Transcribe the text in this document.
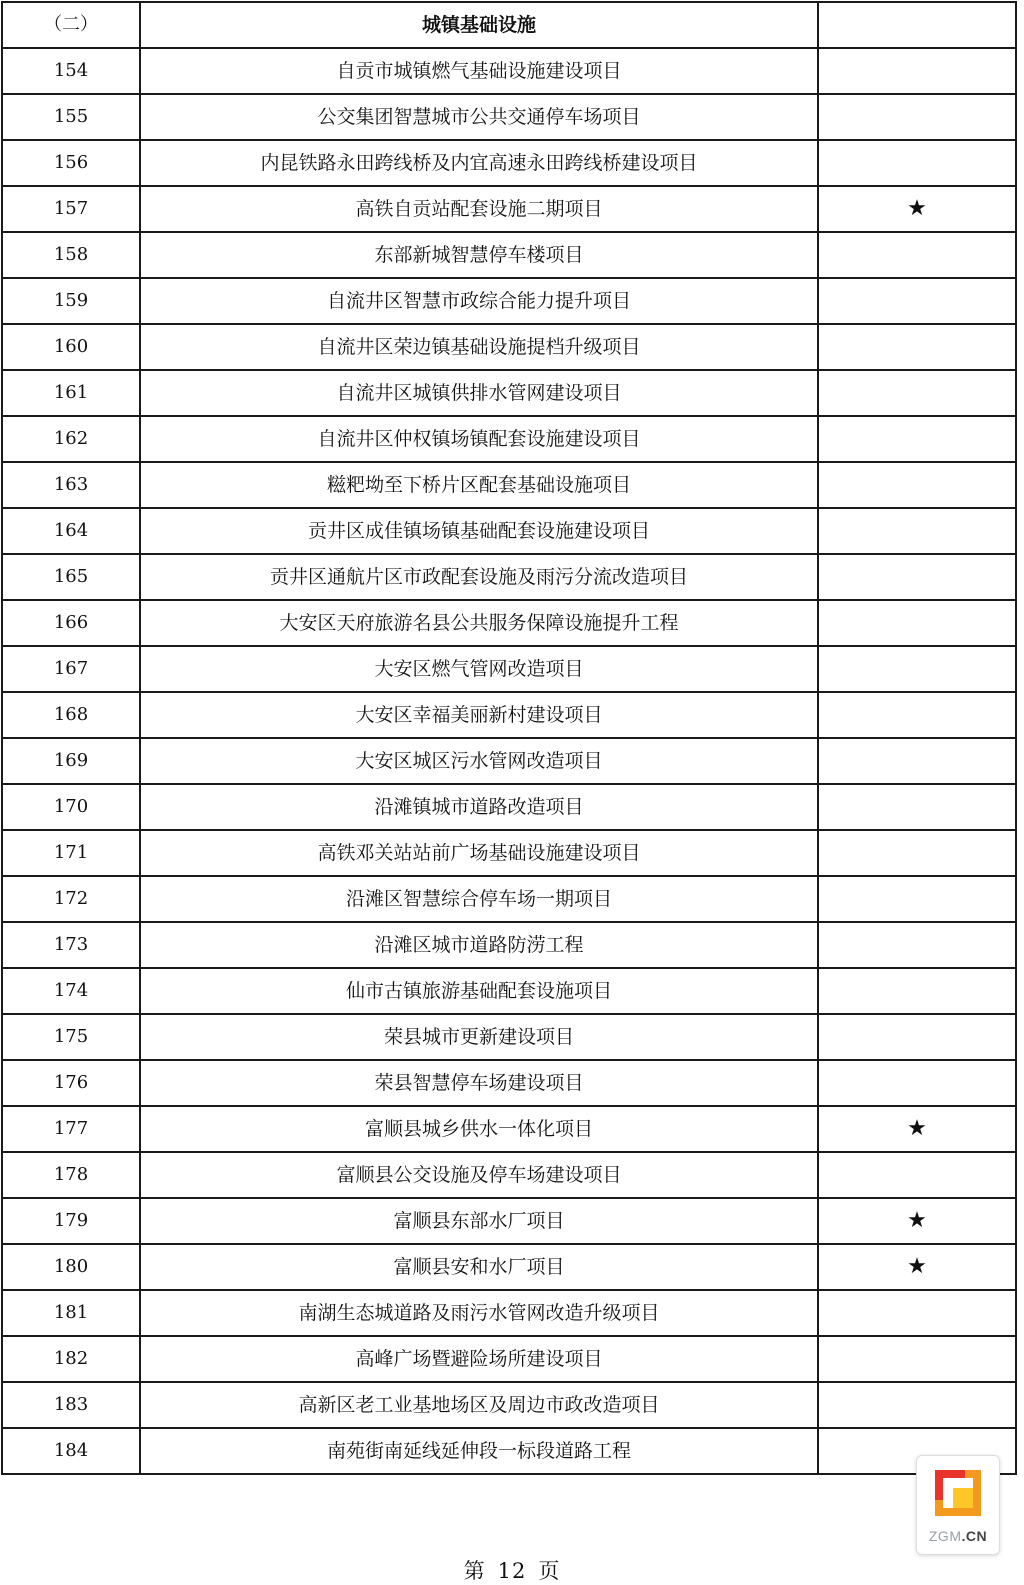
（二）	城镇基础设施	
154	自贡市城镇燃气基础设施建设项目	
155	公交集团智慧城市公共交通停车场项目	
156	内昆铁路永田跨线桥及内宜高速永田跨线桥建设项目	
157	高铁自贡站配套设施二期项目	★
158	东部新城智慧停车楼项目	
159	自流井区智慧市政综合能力提升项目	
160	自流井区荣边镇基础设施提档升级项目	
161	自流井区城镇供排水管网建设项目	
162	自流井区仲权镇场镇配套设施建设项目	
163	糍粑坳至下桥片区配套基础设施项目	
164	贡井区成佳镇场镇基础配套设施建设项目	
165	贡井区通航片区市政配套设施及雨污分流改造项目	
166	大安区天府旅游名县公共服务保障设施提升工程	
167	大安区燃气管网改造项目	
168	大安区幸福美丽新村建设项目	
169	大安区城区污水管网改造项目	
170	沿滩镇城市道路改造项目	
171	高铁邓关站站前广场基础设施建设项目	
172	沿滩区智慧综合停车场一期项目	
173	沿滩区城市道路防涝工程	
174	仙市古镇旅游基础配套设施项目	
175	荣县城市更新建设项目	
176	荣县智慧停车场建设项目	
177	富顺县城乡供水一体化项目	★
178	富顺县公交设施及停车场建设项目	
179	富顺县东部水厂项目	★
180	富顺县安和水厂项目	★
181	南湖生态城道路及雨污水管网改造升级项目	
182	高峰广场暨避险场所建设项目	
183	高新区老工业基地场区及周边市政改造项目	
184	南苑街南延线延伸段一标段道路工程	
第 12 页
ZGM.CN
